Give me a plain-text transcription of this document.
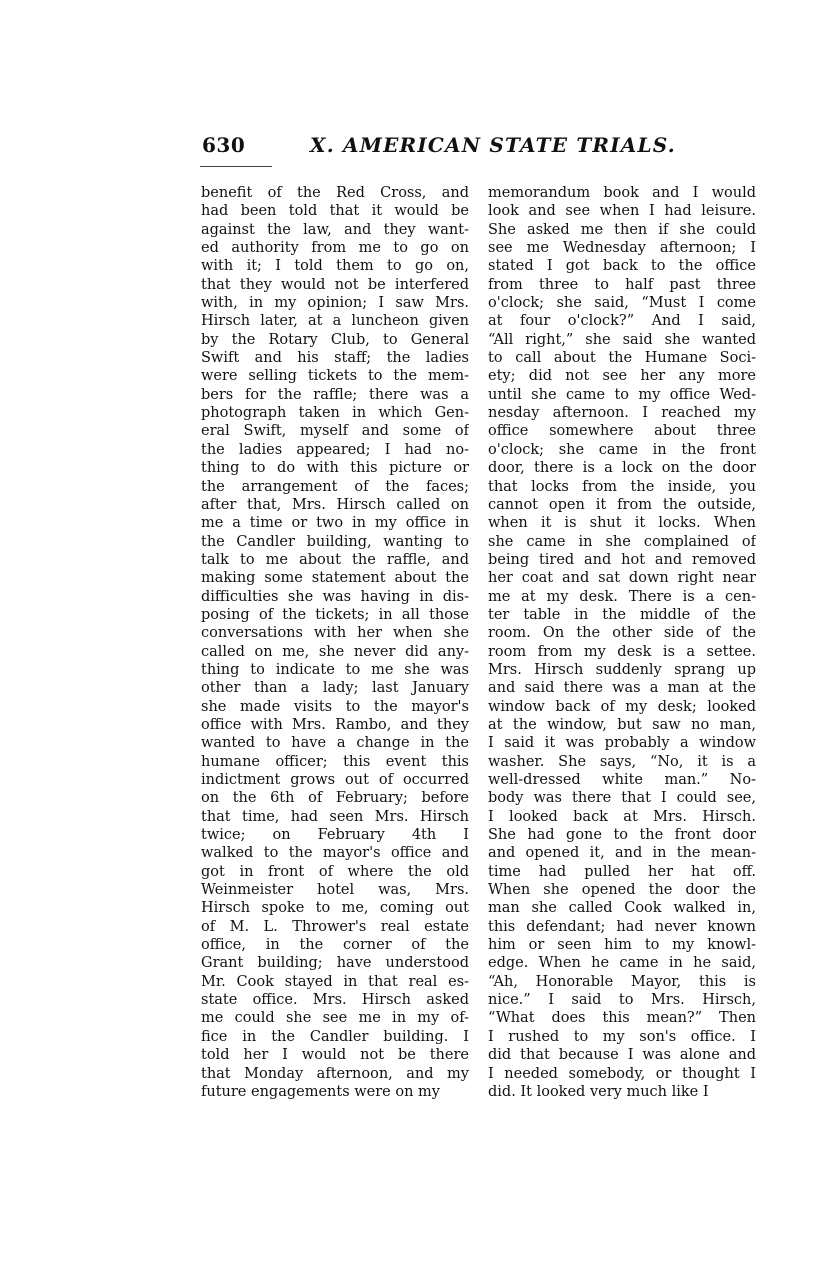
630	X. AMERICAN STATE TRIALS.
benefit of the Red Cross, and
had been told that it would be
against the law, and they want-
ed authority from me to go on
with it; I told them to go on,
that they would not be interfered
with, in my opinion; I saw Mrs.
Hirsch later, at a luncheon given
by the Rotary Club, to General
Swift and his staff; the ladies
were selling tickets to the mem-
bers for the raffle; there was a
photograph taken in which Gen-
eral Swift, myself and some of
the ladies appeared; I had no-
thing to do with this picture or
the arrangement of the faces;
after that, Mrs. Hirsch called on
me a time or two in my office in
the Candler building, wanting to
talk to me about the raffle, and
making some statement about the
difficulties she was having in dis-
posing of the tickets; in all those
conversations with her when she
called on me, she never did any-
thing to indicate to me she was
other than a lady; last January
she made visits to the mayor's
office with Mrs. Rambo, and they
wanted to have a change in the
humane officer; this event this
indictment grows out of occurred
on the 6th of February; before
that time, had seen Mrs. Hirsch
twice; on February 4th I
walked to the mayor's office and
got in front of where the old
Weinmeister hotel was, Mrs.
Hirsch spoke to me, coming out
of M. L. Thrower's real estate
office, in the corner of the
Grant building; have understood
Mr. Cook stayed in that real es-
state office. Mrs. Hirsch asked
me could she see me in my of-
fice in the Candler building. I
told her I would not be there
that Monday afternoon, and my
future engagements were on my
memorandum book and I would
look and see when I had leisure.
She asked me then if she could
see me Wednesday afternoon; I
stated I got back to the office
from three to half past three
o'clock; she said, “Must I come
at four o'clock?” And I said,
“All right,” she said she wanted
to call about the Humane Soci-
ety; did not see her any more
until she came to my office Wed-
nesday afternoon. I reached my
office somewhere about three
o'clock; she came in the front
door, there is a lock on the door
that locks from the inside, you
cannot open it from the outside,
when it is shut it locks. When
she came in she complained of
being tired and hot and removed
her coat and sat down right near
me at my desk. There is a cen-
ter table in the middle of the
room. On the other side of the
room from my desk is a settee.
Mrs. Hirsch suddenly sprang up
and said there was a man at the
window back of my desk; looked
at the window, but saw no man,
I said it was probably a window
washer. She says, “No, it is a
well-dressed white man.” No-
body was there that I could see,
I looked back at Mrs. Hirsch.
She had gone to the front door
and opened it, and in the mean-
time had pulled her hat off.
When she opened the door the
man she called Cook walked in,
this defendant; had never known
him or seen him to my knowl-
edge. When he came in he said,
“Ah, Honorable Mayor, this is
nice.” I said to Mrs. Hirsch,
“What does this mean?” Then
I rushed to my son's office. I
did that because I was alone and
I needed somebody, or thought I
did. It looked very much like I
